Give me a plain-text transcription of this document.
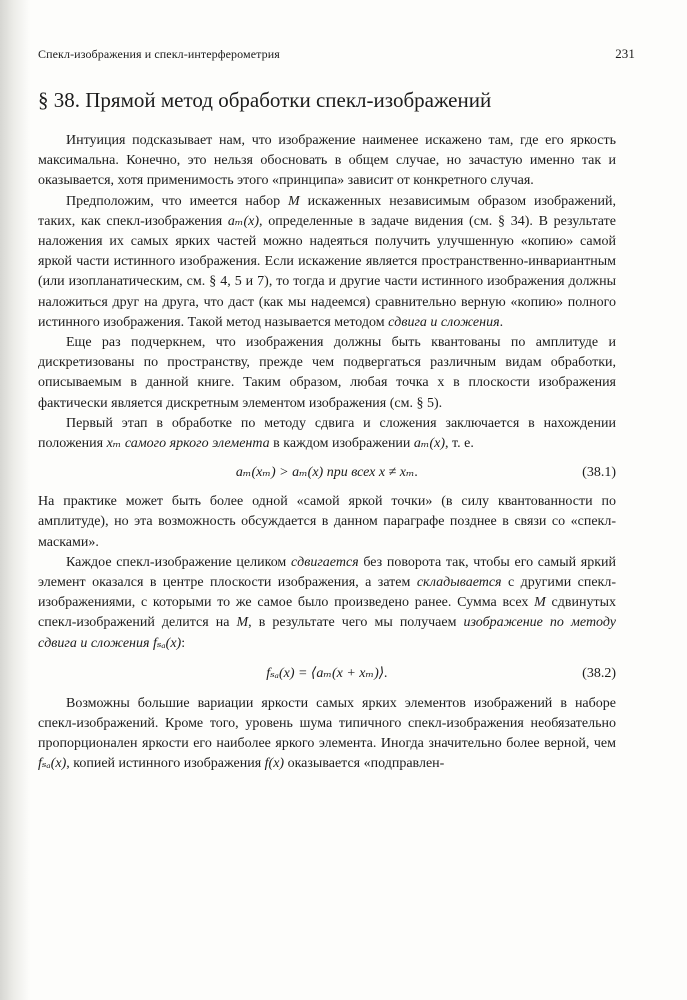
Спекл-изображения и спекл-интерферометрия	231
§ 38. Прямой метод обработки спекл-изображений

Интуиция подсказывает нам, что изображение наименее искажено там, где его яркость максимальна. Конечно, это нельзя обосновать в общем случае, но зачастую именно так и оказывается, хотя применимость этого «принципа» зависит от конкретного случая.

Предположим, что имеется набор M искаженных независимым образом изображений, таких, как спекл-изображения aₘ(x), определенные в задаче видения (см. § 34). В результате наложения их самых ярких частей можно надеяться получить улучшенную «копию» самой яркой части истинного изображения. Если искажение является пространственно-инвариантным (или изопланатическим, см. § 4, 5 и 7), то тогда и другие части истинного изображения должны наложиться друг на друга, что даст (как мы надеемся) сравнительно верную «копию» полного истинного изображения. Такой метод называется методом сдвига и сложения.

Еще раз подчеркнем, что изображения должны быть квантованы по амплитуде и дискретизованы по пространству, прежде чем подвергаться различным видам обработки, описываемым в данной книге. Таким образом, любая точка x в плоскости изображения фактически является дискретным элементом изображения (см. § 5).

Первый этап в обработке по методу сдвига и сложения заключается в нахождении положения xₘ самого яркого элемента в каждом изображении aₘ(x), т. е.

aₘ(xₘ) > aₘ(x) при всех x ≠ xₘ.	(38.1)

На практике может быть более одной «самой яркой точки» (в силу квантованности по амплитуде), но эта возможность обсуждается в данном параграфе позднее в связи со «спекл-масками».

Каждое спекл-изображение целиком сдвигается без поворота так, чтобы его самый яркий элемент оказался в центре плоскости изображения, а затем складывается с другими спекл-изображениями, с которыми то же самое было произведено ранее. Сумма всех M сдвинутых спекл-изображений делится на M, в результате чего мы получаем изображение по методу сдвига и сложения fₛₐ(x):

fₛₐ(x) = ⟨aₘ(x + xₘ)⟩.	(38.2)

Возможны большие вариации яркости самых ярких элементов изображений в наборе спекл-изображений. Кроме того, уровень шума типичного спекл-изображения необязательно пропорционален яркости его наиболее яркого элемента. Иногда значительно более верной, чем fₛₐ(x), копией истинного изображения f(x) оказывается «подправлен-
